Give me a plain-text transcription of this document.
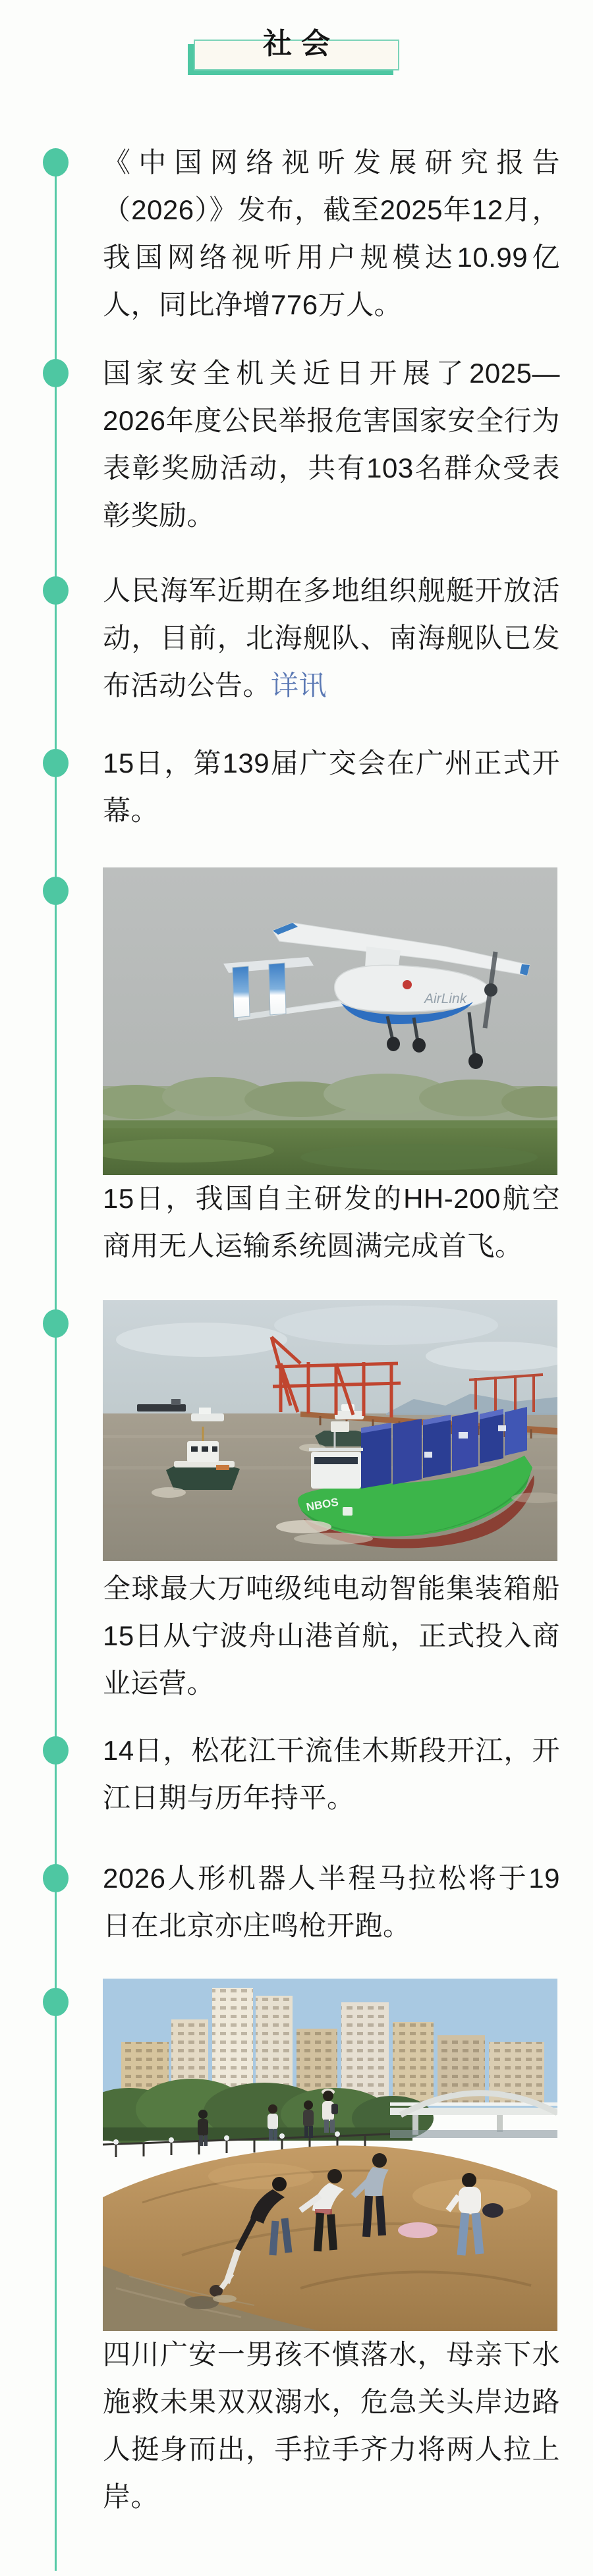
社会

《中国网络视听发展研究报告（2026）》发布，截至2025年12月，我国网络视听用户规模达10.99亿人，同比净增776万人。

国家安全机关近日开展了2025—2026年度公民举报危害国家安全行为表彰奖励活动，共有103名群众受表彰奖励。

人民海军近期在多地组织舰艇开放活动，目前，北海舰队、南海舰队已发布活动公告。详讯

15日，第139届广交会在广州正式开幕。

AirLink

15日，我国自主研发的HH-200航空商用无人运输系统圆满完成首飞。

NBOS

全球最大万吨级纯电动智能集装箱船15日从宁波舟山港首航，正式投入商业运营。

14日，松花江干流佳木斯段开江，开江日期与历年持平。

2026人形机器人半程马拉松将于19日在北京亦庄鸣枪开跑。

四川广安一男孩不慎落水，母亲下水施救未果双双溺水，危急关头岸边路人挺身而出，手拉手齐力将两人拉上岸。
